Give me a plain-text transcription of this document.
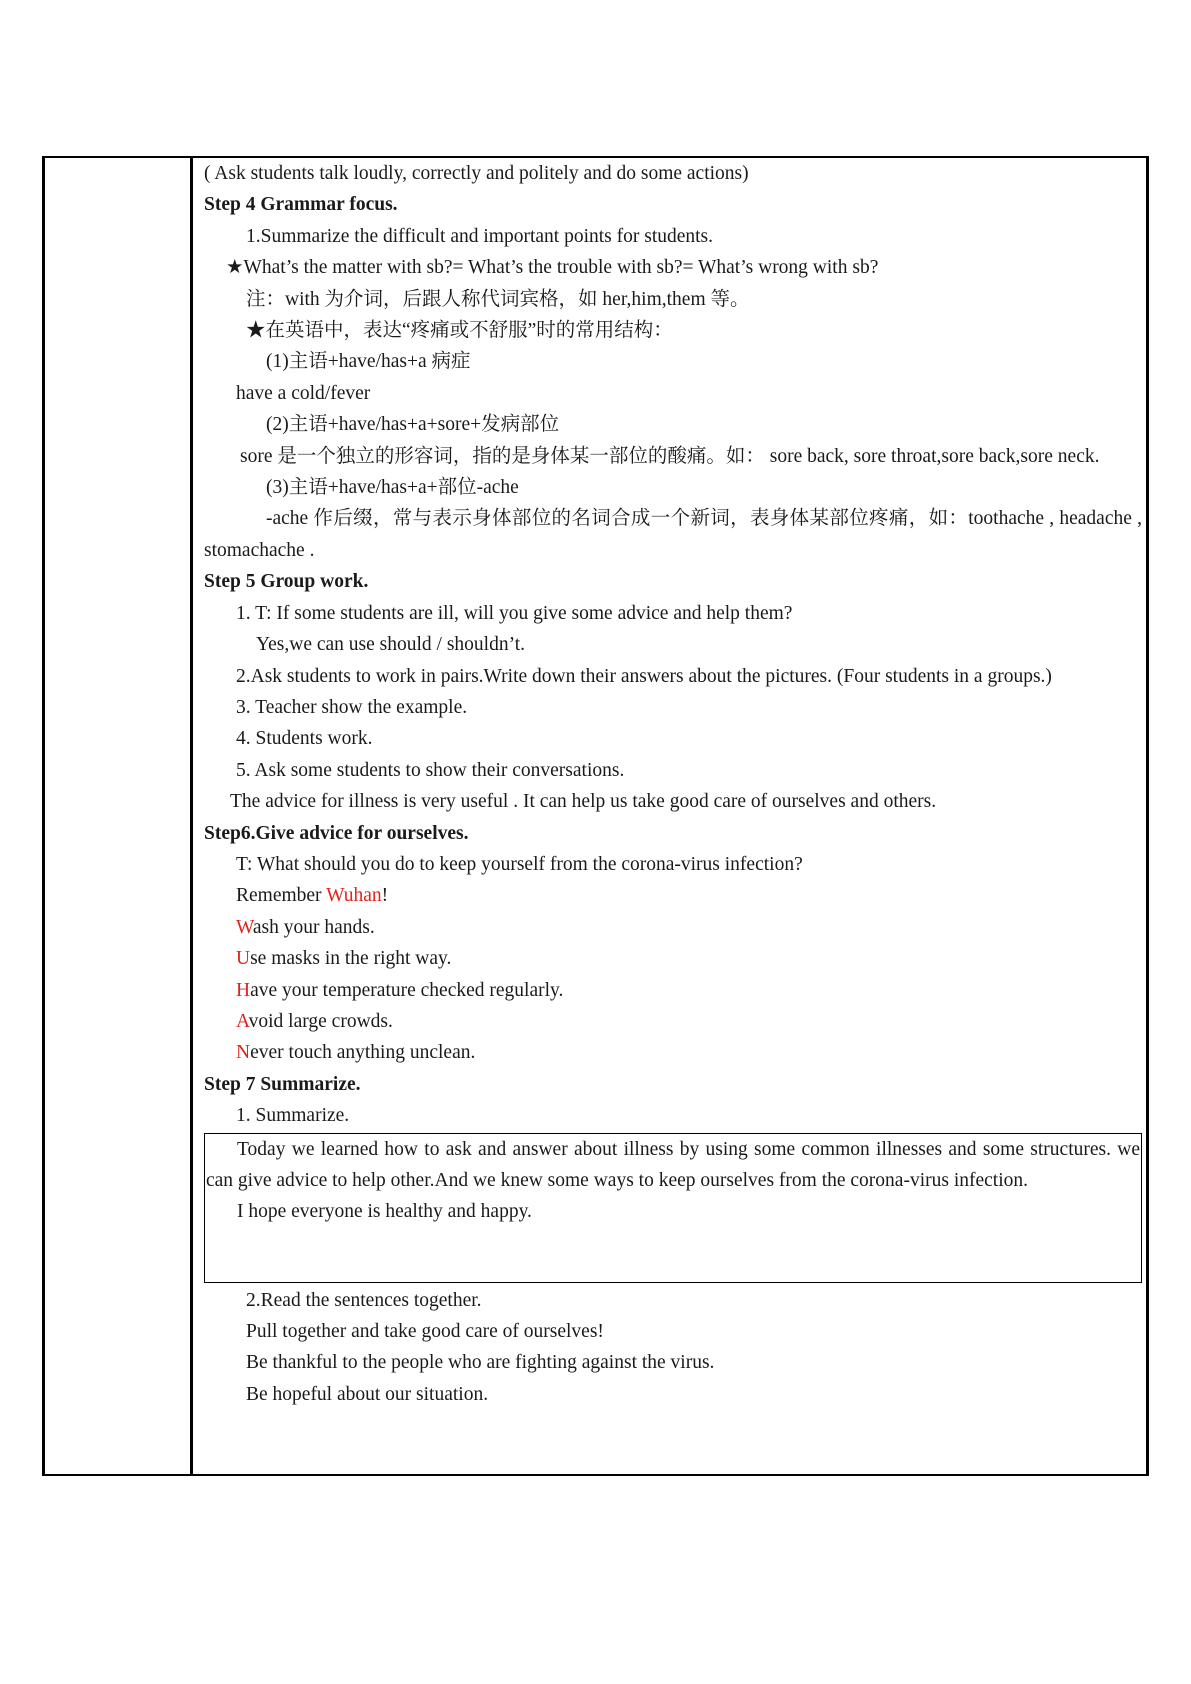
( Ask students talk loudly, correctly and politely and do some actions)
Step 4 Grammar focus.
1.Summarize the difficult and important points for students.
★What’s the matter with sb?= What’s the trouble with sb?= What’s wrong with sb?
注：with 为介词，后跟人称代词宾格，如 her,him,them 等。
★在英语中，表达“疼痛或不舒服”时的常用结构：
(1)主语+have/has+a 病症
have a cold/fever
(2)主语+have/has+a+sore+发病部位
sore 是一个独立的形容词，指的是身体某一部位的酸痛。如： sore back, sore throat,sore back,sore neck.
(3)主语+have/has+a+部位-ache
-ache 作后缀，常与表示身体部位的名词合成一个新词，表身体某部位疼痛，如：toothache , headache , stomachache .
Step 5 Group work.
1. T: If some students are ill, will you give some advice and help them?
Yes,we can use should / shouldn’t.
2.Ask students to work in pairs.Write down their answers about the pictures. (Four students in a groups.)
3. Teacher show the example.
4. Students work.
5. Ask some students to show their conversations.
The advice for illness is very useful . It can help us take good care of ourselves and others.
Step6.Give advice for ourselves.
T: What should you do to keep yourself from the corona-virus infection?
Remember Wuhan!
Wash your hands.
Use masks in the right way.
Have your temperature checked regularly.
Avoid large crowds.
Never touch anything unclean.
Step 7 Summarize.
1. Summarize.
Today we learned how to ask and answer about illness by using some common illnesses and some structures. we can give advice to help other.And we knew some ways to keep ourselves from the corona-virus infection.
I hope everyone is healthy and happy.
2.Read the sentences together.
Pull together and take good care of ourselves!
Be thankful to the people who are fighting against the virus.
Be hopeful about our situation.
